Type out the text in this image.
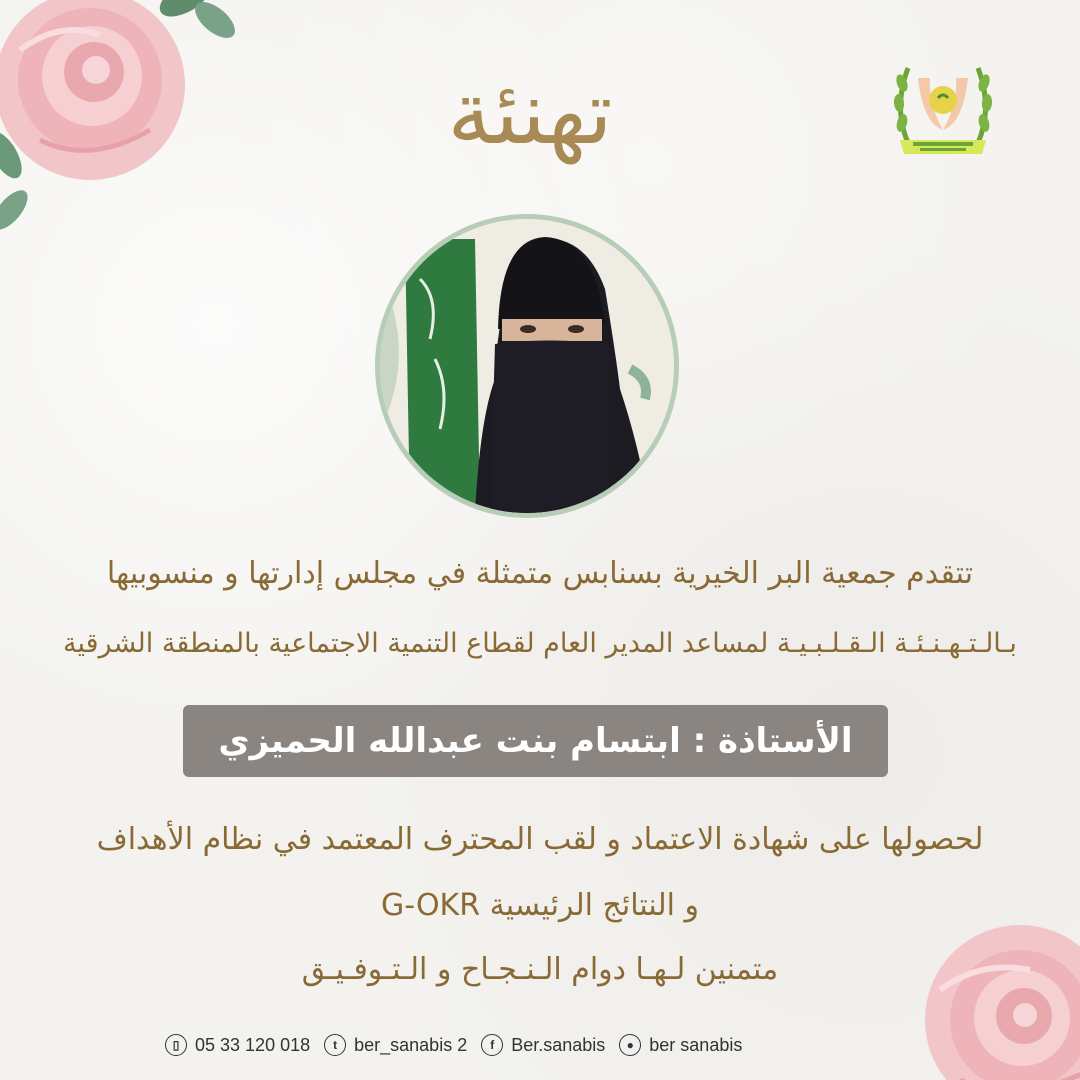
تهنئة
تتقدم جمعية البر الخيرية بسنابس متمثلة في مجلس إدارتها و منسوبيها
بـالـتـهـنـئـة الـقـلـبـيـة لمساعد المدير العام لقطاع التنمية الاجتماعية بالمنطقة الشرقية
الأستاذة : ابتسام بنت عبدالله الحميزي
لحصولها على شهادة الاعتماد و لقب المحترف المعتمد في نظام الأهداف
و النتائج الرئيسية G-OKR
متمنين لـهـا دوام الـنـجـاح و الـتـوفـيـق
▯ 05 33 120 018	t ber_sanabis 2	f Ber.sanabis	● ber sanabis
